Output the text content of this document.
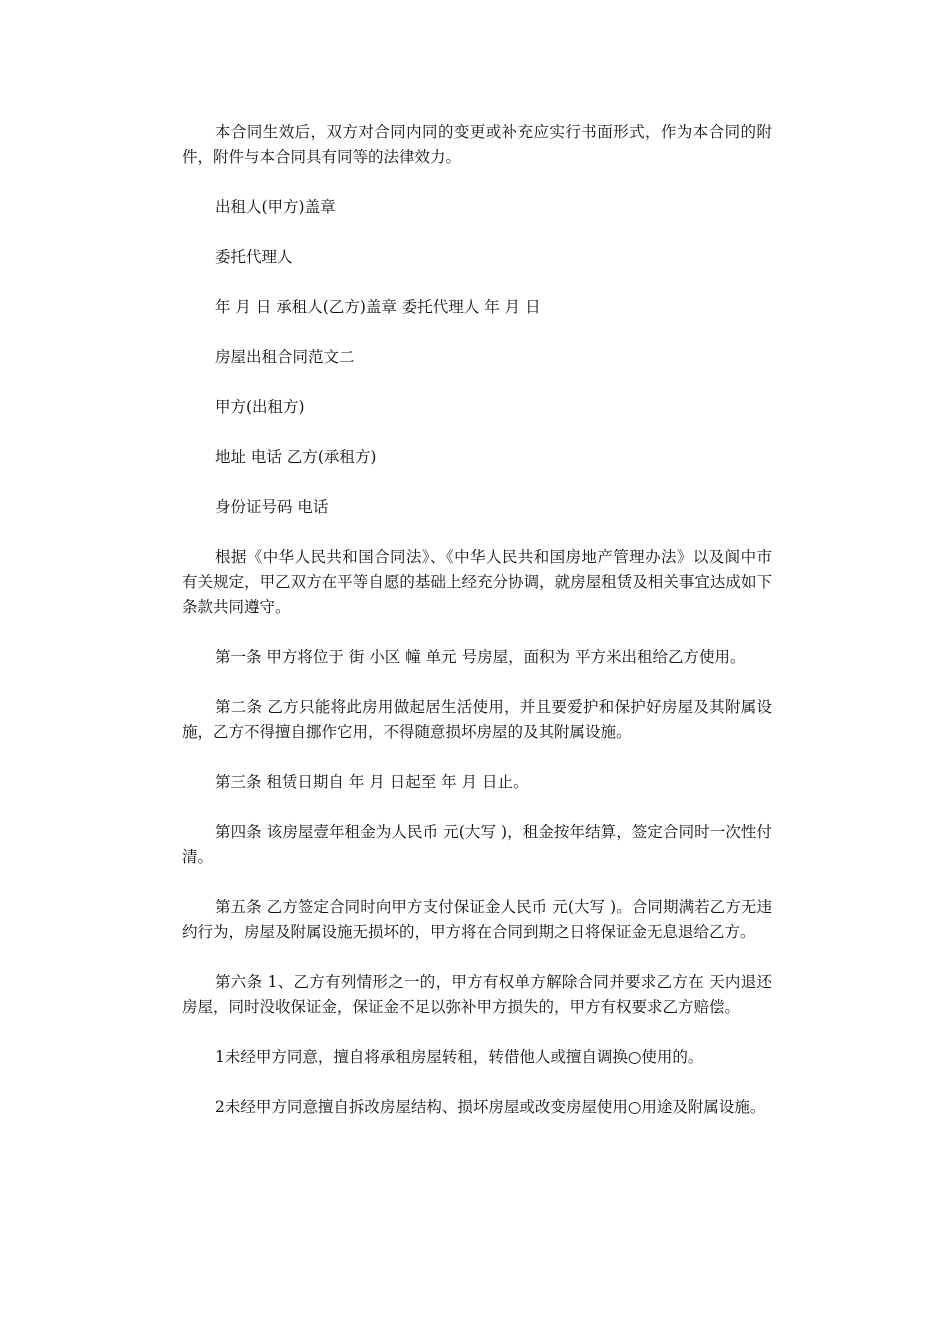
本合同生效后，双方对合同内同的变更或补充应实行书面形式，作为本合同的附件，附件与本合同具有同等的法律效力。

出租人(甲方)盖章

委托代理人

年 月 日 承租人(乙方)盖章 委托代理人 年 月 日

房屋出租合同范文二

甲方(出租方)

地址 电话 乙方(承租方)

身份证号码 电话

根据《中华人民共和国合同法》、《中华人民共和国房地产管理办法》以及阆中市有关规定，甲乙双方在平等自愿的基础上经充分协调，就房屋租赁及相关事宜达成如下条款共同遵守。

第一条 甲方将位于 街 小区 幢 单元 号房屋，面积为 平方米出租给乙方使用。

第二条 乙方只能将此房用做起居生活使用，并且要爱护和保护好房屋及其附属设施，乙方不得擅自挪作它用，不得随意损坏房屋的及其附属设施。

第三条 租赁日期自 年 月 日起至 年 月 日止。

第四条 该房屋壹年租金为人民币 元(大写 )，租金按年结算，签定合同时一次性付清。

第五条 乙方签定合同时向甲方支付保证金人民币 元(大写 )。合同期满若乙方无违约行为，房屋及附属设施无损坏的，甲方将在合同到期之日将保证金无息退给乙方。

第六条 1、乙方有列情形之一的，甲方有权单方解除合同并要求乙方在 天内退还房屋，同时没收保证金，保证金不足以弥补甲方损失的，甲方有权要求乙方赔偿。

1未经甲方同意，擅自将承租房屋转租，转借他人或擅自调换○使用的。

2未经甲方同意擅自拆改房屋结构、损坏房屋或改变房屋使用○用途及附属设施。
